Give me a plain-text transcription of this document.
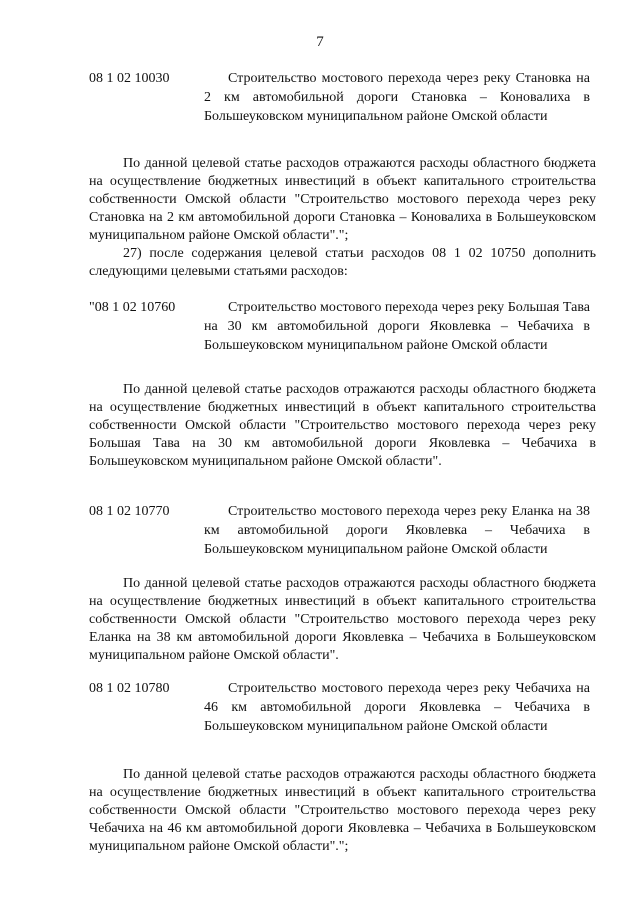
7
08 1 02 10030	Строительство мостового перехода через реку Становка на 2 км автомобильной дороги Становка – Коновалиха в Большеуковском муниципальном районе Омской области
По данной целевой статье расходов отражаются расходы областного бюджета на осуществление бюджетных инвестиций в объект капитального строительства собственности Омской области "Строительство мостового перехода через реку Становка на 2 км автомобильной дороги Становка – Коновалиха в Большеуковском муниципальном районе Омской области".";
27) после содержания целевой статьи расходов 08 1 02 10750 дополнить следующими целевыми статьями расходов:
"08 1 02 10760	Строительство мостового перехода через реку Большая Тава на 30 км автомобильной дороги Яковлевка – Чебачиха в Большеуковском муниципальном районе Омской области
По данной целевой статье расходов отражаются расходы областного бюджета на осуществление бюджетных инвестиций в объект капитального строительства собственности Омской области "Строительство мостового перехода через реку Большая Тава на 30 км автомобильной дороги Яковлевка – Чебачиха в Большеуковском муниципальном районе Омской области".
08 1 02 10770	Строительство мостового перехода через реку Еланка на 38 км автомобильной дороги Яковлевка – Чебачиха в Большеуковском муниципальном районе Омской области
По данной целевой статье расходов отражаются расходы областного бюджета на осуществление бюджетных инвестиций в объект капитального строительства собственности Омской области "Строительство мостового перехода через реку Еланка на 38 км автомобильной дороги Яковлевка – Чебачиха в Большеуковском муниципальном районе Омской области".
08 1 02 10780	Строительство мостового перехода через реку Чебачиха на 46 км автомобильной дороги Яковлевка – Чебачиха в Большеуковском муниципальном районе Омской области
По данной целевой статье расходов отражаются расходы областного бюджета на осуществление бюджетных инвестиций в объект капитального строительства собственности Омской области "Строительство мостового перехода через реку Чебачиха на 46 км автомобильной дороги Яковлевка – Чебачиха в Большеуковском муниципальном районе Омской области".";
